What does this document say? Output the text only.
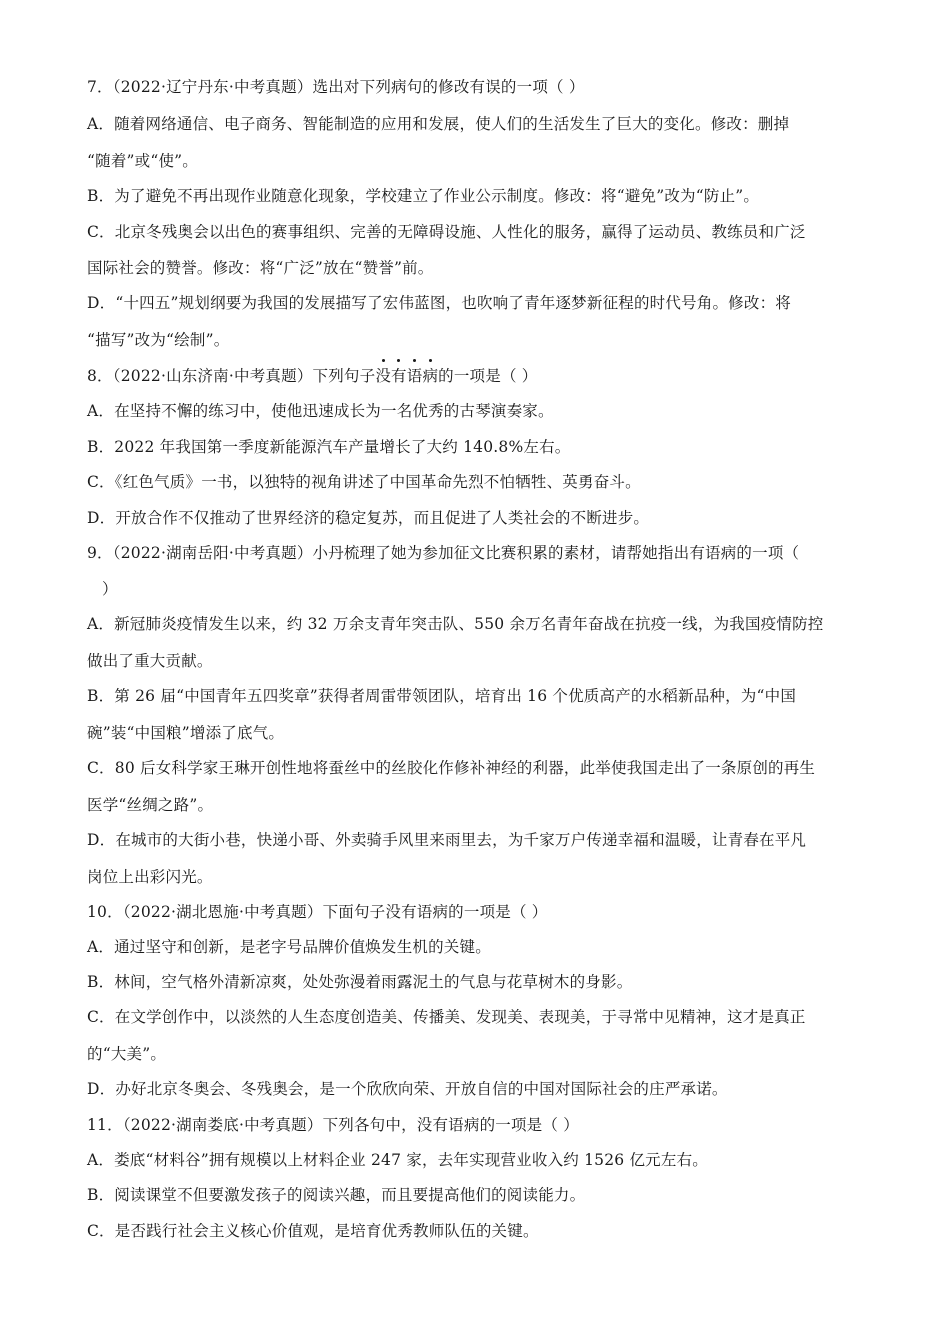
7．（2022·辽宁丹东·中考真题）选出对下列病句的修改有误的一项（ ）
A．随着网络通信、电子商务、智能制造的应用和发展，使人们的生活发生了巨大的变化。修改：删掉
“随着”或“使”。
B．为了避免不再出现作业随意化现象，学校建立了作业公示制度。修改：将“避免”改为“防止”。
C．北京冬残奥会以出色的赛事组织、完善的无障碍设施、人性化的服务，赢得了运动员、教练员和广泛
国际社会的赞誉。修改：将“广泛”放在“赞誉”前。
D．“十四五”规划纲要为我国的发展描写了宏伟蓝图，也吹响了青年逐梦新征程的时代号角。修改：将
“描写”改为“绘制”。
8．（2022·山东济南·中考真题）下列句子没有语病的一项是（ ）
A．在坚持不懈的练习中，使他迅速成长为一名优秀的古琴演奏家。
B．2022 年我国第一季度新能源汽车产量增长了大约 140.8%左右。
C．《红色气质》一书，以独特的视角讲述了中国革命先烈不怕牺牲、英勇奋斗。
D．开放合作不仅推动了世界经济的稳定复苏，而且促进了人类社会的不断进步。
9．（2022·湖南岳阳·中考真题）小丹梳理了她为参加征文比赛积累的素材，请帮她指出有语病的一项（
）
A．新冠肺炎疫情发生以来，约 32 万余支青年突击队、550 余万名青年奋战在抗疫一线，为我国疫情防控
做出了重大贡献。
B．第 26 届“中国青年五四奖章”获得者周雷带领团队，培育出 16 个优质高产的水稻新品种，为“中国
碗”装“中国粮”增添了底气。
C．80 后女科学家王琳开创性地将蚕丝中的丝胶化作修补神经的利器，此举使我国走出了一条原创的再生
医学“丝绸之路”。
D．在城市的大街小巷，快递小哥、外卖骑手风里来雨里去，为千家万户传递幸福和温暖，让青春在平凡
岗位上出彩闪光。
10．（2022·湖北恩施·中考真题）下面句子没有语病的一项是（ ）
A．通过坚守和创新，是老字号品牌价值焕发生机的关键。
B．林间，空气格外清新凉爽，处处弥漫着雨露泥土的气息与花草树木的身影。
C．在文学创作中，以淡然的人生态度创造美、传播美、发现美、表现美，于寻常中见精神，这才是真正
的“大美”。
D．办好北京冬奥会、冬残奥会，是一个欣欣向荣、开放自信的中国对国际社会的庄严承诺。
11．（2022·湖南娄底·中考真题）下列各句中，没有语病的一项是（ ）
A．娄底“材料谷”拥有规模以上材料企业 247 家，去年实现营业收入约 1526 亿元左右。
B．阅读课堂不但要激发孩子的阅读兴趣，而且要提高他们的阅读能力。
C．是否践行社会主义核心价值观，是培育优秀教师队伍的关键。
